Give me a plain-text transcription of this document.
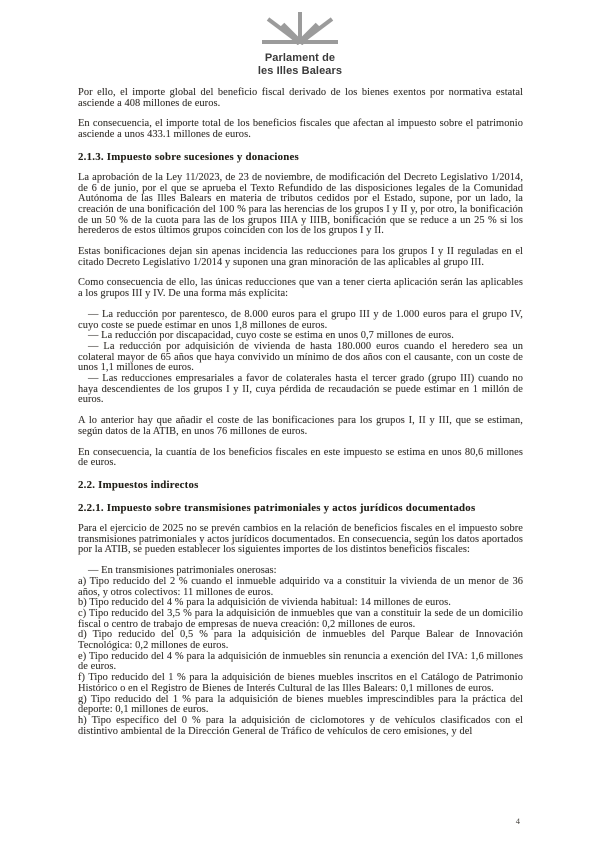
Parlament de
les Illes Balears

Por ello, el importe global del beneficio fiscal derivado de los bienes exentos por normativa estatal asciende a 408 millones de euros.

En consecuencia, el importe total de los beneficios fiscales que afectan al impuesto sobre el patrimonio asciende a unos 433.1 millones de euros.

2.1.3. Impuesto sobre sucesiones y donaciones

La aprobación de la Ley 11/2023, de 23 de noviembre, de modificación del Decreto Legislativo 1/2014, de 6 de junio, por el que se aprueba el Texto Refundido de las disposiciones legales de la Comunidad Autónoma de las Illes Balears en materia de tributos cedidos por el Estado, supone, por un lado, la creación de una bonificación del 100 % para las herencias de los grupos I y II y, por otro, la bonificación de un 50 % de la cuota para las de los grupos IIIA y IIIB, bonificación que se reduce a un 25 % si los herederos de estos últimos grupos coinciden con los de los grupos I y II.

Estas bonificaciones dejan sin apenas incidencia las reducciones para los grupos I y II reguladas en el citado Decreto Legislativo 1/2014 y suponen una gran minoración de las aplicables al grupo III.

Como consecuencia de ello, las únicas reducciones que van a tener cierta aplicación serán las aplicables a los grupos III y IV. De una forma más explícita:

— La reducción por parentesco, de 8.000 euros para el grupo III y de 1.000 euros para el grupo IV, cuyo coste se puede estimar en unos 1,8 millones de euros.

— La reducción por discapacidad, cuyo coste se estima en unos 0,7 millones de euros.

— La reducción por adquisición de vivienda de hasta 180.000 euros cuando el heredero sea un colateral mayor de 65 años que haya convivido un mínimo de dos años con el causante, con un coste de unos 1,1 millones de euros.

— Las reducciones empresariales a favor de colaterales hasta el tercer grado (grupo III) cuando no haya descendientes de los grupos I y II, cuya pérdida de recaudación se puede estimar en 1 millón de euros.

A lo anterior hay que añadir el coste de las bonificaciones para los grupos I, II y III, que se estiman, según datos de la ATIB, en unos 76 millones de euros.

En consecuencia, la cuantía de los beneficios fiscales en este impuesto se estima en unos 80,6 millones de euros.

2.2. Impuestos indirectos
2.2.1. Impuesto sobre transmisiones patrimoniales y actos jurídicos documentados

Para el ejercicio de 2025 no se prevén cambios en la relación de beneficios fiscales en el impuesto sobre transmisiones patrimoniales y actos jurídicos documentados. En consecuencia, según los datos aportados por la ATIB, se pueden establecer los siguientes importes de los distintos beneficios fiscales:

— En transmisiones patrimoniales onerosas:

a) Tipo reducido del 2 % cuando el inmueble adquirido va a constituir la vivienda de un menor de 36 años, y otros colectivos: 11 millones de euros.

b) Tipo reducido del 4 % para la adquisición de vivienda habitual: 14 millones de euros.

c) Tipo reducido del 3,5 % para la adquisición de inmuebles que van a constituir la sede de un domicilio fiscal o centro de trabajo de empresas de nueva creación: 0,2 millones de euros.

d) Tipo reducido del 0,5 % para la adquisición de inmuebles del Parque Balear de Innovación Tecnológica: 0,2 millones de euros.

e) Tipo reducido del 4 % para la adquisición de inmuebles sin renuncia a exención del IVA: 1,6 millones de euros.

f) Tipo reducido del 1 % para la adquisición de bienes muebles inscritos en el Catálogo de Patrimonio Histórico o en el Registro de Bienes de Interés Cultural de las Illes Balears: 0,1 millones de euros.

g) Tipo reducido del 1 % para la adquisición de bienes muebles imprescindibles para la práctica del deporte: 0,1 millones de euros.

h) Tipo específico del 0 % para la adquisición de ciclomotores y de vehículos clasificados con el distintivo ambiental de la Dirección General de Tráfico de vehículos de cero emisiones, y del

4
